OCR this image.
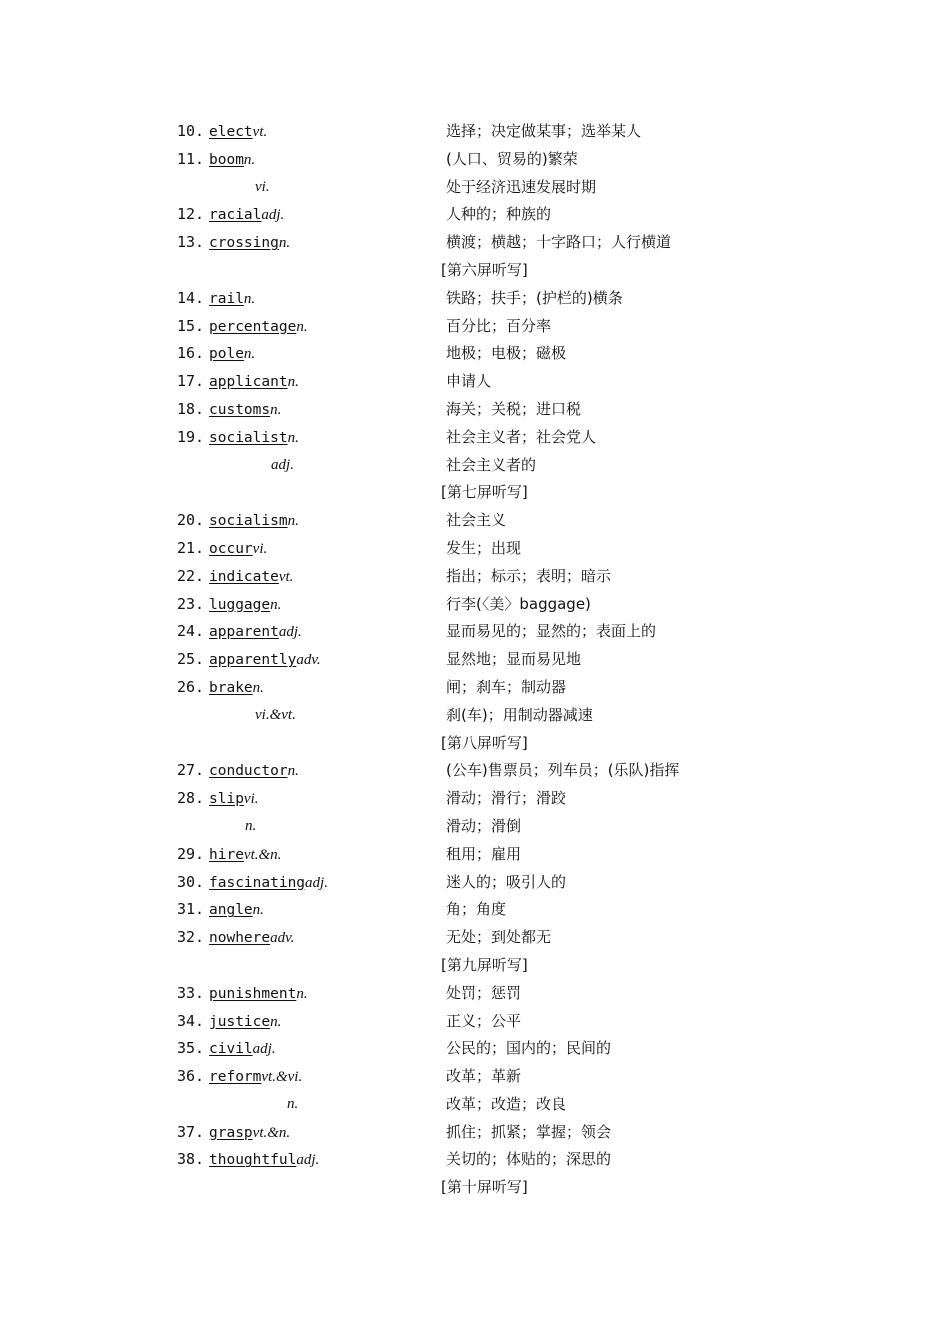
10. electvt.	选择；决定做某事；选举某人
11. boomn.	(人口、贸易的)繁荣
vi.	处于经济迅速发展时期
12. racialadj.	人种的；种族的
13. crossingn.	横渡；横越；十字路口；人行横道
[第六屏听写]
14. railn.	铁路；扶手；(护栏的)横条
15. percentagen.	百分比；百分率
16. polen.	地极；电极；磁极
17. applicantn.	申请人
18. customsn.	海关；关税；进口税
19. socialistn.	社会主义者；社会党人
adj.	社会主义者的
[第七屏听写]
20. socialismn.	社会主义
21. occurvi.	发生；出现
22. indicatevt.	指出；标示；表明；暗示
23. luggagen.	行李(〈美〉baggage)
24. apparentadj.	显而易见的；显然的；表面上的
25. apparentlyadv.	显然地；显而易见地
26. braken.	闸；刹车；制动器
vi.&vt.	刹(车)；用制动器减速
[第八屏听写]
27. conductorn.	(公车)售票员；列车员；(乐队)指挥
28. slipvi.	滑动；滑行；滑跤
n.	滑动；滑倒
29. hirevt.&n.	租用；雇用
30. fascinatingadj.	迷人的；吸引人的
31. anglen.	角；角度
32. nowhereadv.	无处；到处都无
[第九屏听写]
33. punishmentn.	处罚；惩罚
34. justicen.	正义；公平
35. civiladj.	公民的；国内的；民间的
36. reformvt.&vi.	改革；革新
n.	改革；改造；改良
37. graspvt.&n.	抓住；抓紧；掌握；领会
38. thoughtfuladj.	关切的；体贴的；深思的
[第十屏听写]
